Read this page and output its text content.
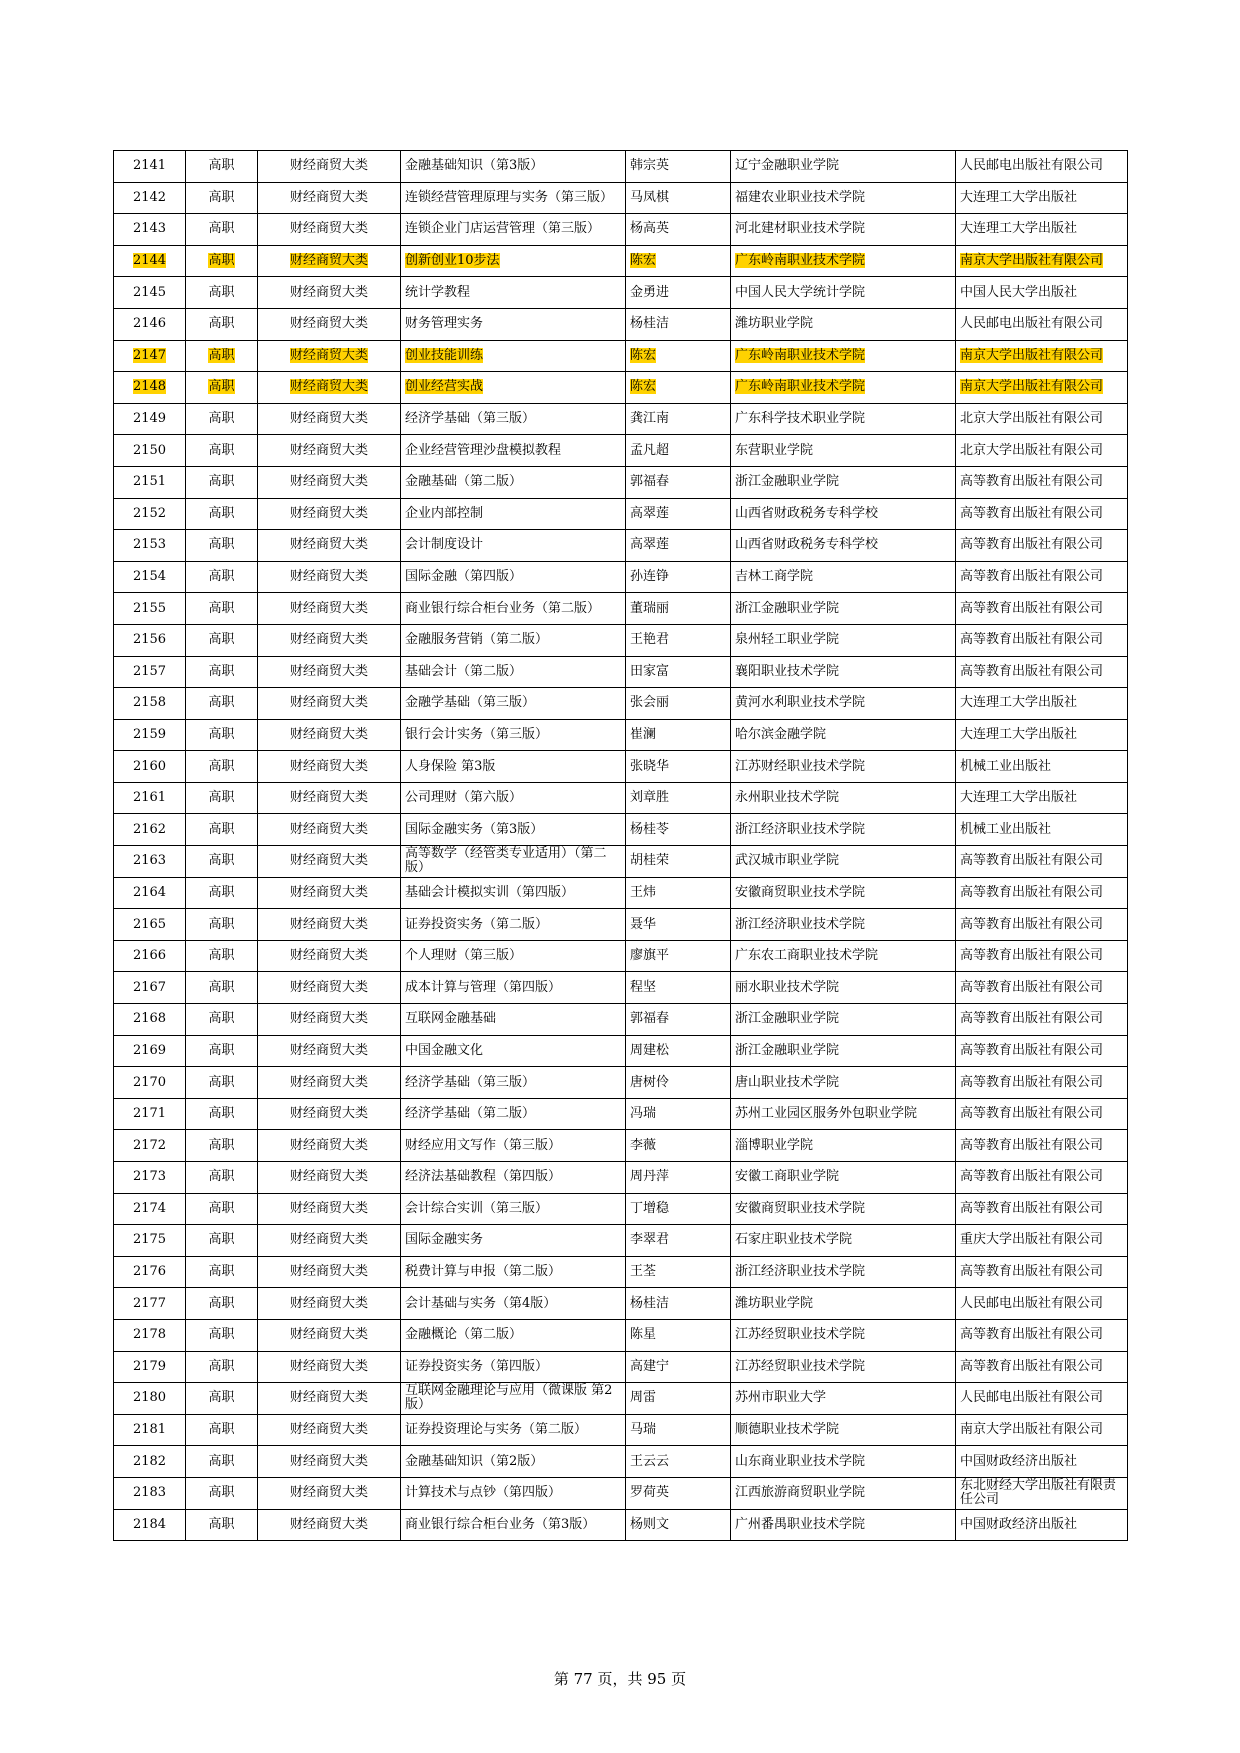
2141	高职	财经商贸大类	金融基础知识（第3版）	韩宗英	辽宁金融职业学院	人民邮电出版社有限公司
2142	高职	财经商贸大类	连锁经营管理原理与实务（第三版）	马凤棋	福建农业职业技术学院	大连理工大学出版社
2143	高职	财经商贸大类	连锁企业门店运营管理（第三版）	杨高英	河北建材职业技术学院	大连理工大学出版社
2144	高职	财经商贸大类	创新创业10步法	陈宏	广东岭南职业技术学院	南京大学出版社有限公司
2145	高职	财经商贸大类	统计学教程	金勇进	中国人民大学统计学院	中国人民大学出版社
2146	高职	财经商贸大类	财务管理实务	杨桂洁	潍坊职业学院	人民邮电出版社有限公司
2147	高职	财经商贸大类	创业技能训练	陈宏	广东岭南职业技术学院	南京大学出版社有限公司
2148	高职	财经商贸大类	创业经营实战	陈宏	广东岭南职业技术学院	南京大学出版社有限公司
2149	高职	财经商贸大类	经济学基础（第三版）	龚江南	广东科学技术职业学院	北京大学出版社有限公司
2150	高职	财经商贸大类	企业经营管理沙盘模拟教程	孟凡超	东营职业学院	北京大学出版社有限公司
2151	高职	财经商贸大类	金融基础（第二版）	郭福春	浙江金融职业学院	高等教育出版社有限公司
2152	高职	财经商贸大类	企业内部控制	高翠莲	山西省财政税务专科学校	高等教育出版社有限公司
2153	高职	财经商贸大类	会计制度设计	高翠莲	山西省财政税务专科学校	高等教育出版社有限公司
2154	高职	财经商贸大类	国际金融（第四版）	孙连铮	吉林工商学院	高等教育出版社有限公司
2155	高职	财经商贸大类	商业银行综合柜台业务（第二版）	董瑞丽	浙江金融职业学院	高等教育出版社有限公司
2156	高职	财经商贸大类	金融服务营销（第二版）	王艳君	泉州轻工职业学院	高等教育出版社有限公司
2157	高职	财经商贸大类	基础会计（第二版）	田家富	襄阳职业技术学院	高等教育出版社有限公司
2158	高职	财经商贸大类	金融学基础（第三版）	张会丽	黄河水利职业技术学院	大连理工大学出版社
2159	高职	财经商贸大类	银行会计实务（第三版）	崔澜	哈尔滨金融学院	大连理工大学出版社
2160	高职	财经商贸大类	人身保险 第3版	张晓华	江苏财经职业技术学院	机械工业出版社
2161	高职	财经商贸大类	公司理财（第六版）	刘章胜	永州职业技术学院	大连理工大学出版社
2162	高职	财经商贸大类	国际金融实务（第3版）	杨桂苓	浙江经济职业技术学院	机械工业出版社
2163	高职	财经商贸大类	高等数学（经管类专业适用）（第二版）	胡桂荣	武汉城市职业学院	高等教育出版社有限公司
2164	高职	财经商贸大类	基础会计模拟实训（第四版）	王炜	安徽商贸职业技术学院	高等教育出版社有限公司
2165	高职	财经商贸大类	证券投资实务（第二版）	聂华	浙江经济职业技术学院	高等教育出版社有限公司
2166	高职	财经商贸大类	个人理财（第三版）	廖旗平	广东农工商职业技术学院	高等教育出版社有限公司
2167	高职	财经商贸大类	成本计算与管理（第四版）	程坚	丽水职业技术学院	高等教育出版社有限公司
2168	高职	财经商贸大类	互联网金融基础	郭福春	浙江金融职业学院	高等教育出版社有限公司
2169	高职	财经商贸大类	中国金融文化	周建松	浙江金融职业学院	高等教育出版社有限公司
2170	高职	财经商贸大类	经济学基础（第三版）	唐树伶	唐山职业技术学院	高等教育出版社有限公司
2171	高职	财经商贸大类	经济学基础（第二版）	冯瑞	苏州工业园区服务外包职业学院	高等教育出版社有限公司
2172	高职	财经商贸大类	财经应用文写作（第三版）	李薇	淄博职业学院	高等教育出版社有限公司
2173	高职	财经商贸大类	经济法基础教程（第四版）	周丹萍	安徽工商职业学院	高等教育出版社有限公司
2174	高职	财经商贸大类	会计综合实训（第三版）	丁增稳	安徽商贸职业技术学院	高等教育出版社有限公司
2175	高职	财经商贸大类	国际金融实务	李翠君	石家庄职业技术学院	重庆大学出版社有限公司
2176	高职	财经商贸大类	税费计算与申报（第二版）	王荃	浙江经济职业技术学院	高等教育出版社有限公司
2177	高职	财经商贸大类	会计基础与实务（第4版）	杨桂洁	潍坊职业学院	人民邮电出版社有限公司
2178	高职	财经商贸大类	金融概论（第二版）	陈星	江苏经贸职业技术学院	高等教育出版社有限公司
2179	高职	财经商贸大类	证券投资实务（第四版）	高建宁	江苏经贸职业技术学院	高等教育出版社有限公司
2180	高职	财经商贸大类	互联网金融理论与应用（微课版 第2版）	周雷	苏州市职业大学	人民邮电出版社有限公司
2181	高职	财经商贸大类	证券投资理论与实务（第二版）	马瑞	顺德职业技术学院	南京大学出版社有限公司
2182	高职	财经商贸大类	金融基础知识（第2版）	王云云	山东商业职业技术学院	中国财政经济出版社
2183	高职	财经商贸大类	计算技术与点钞（第四版）	罗荷英	江西旅游商贸职业学院	东北财经大学出版社有限责任公司
2184	高职	财经商贸大类	商业银行综合柜台业务（第3版）	杨则文	广州番禺职业技术学院	中国财政经济出版社
第 77 页，共 95 页
